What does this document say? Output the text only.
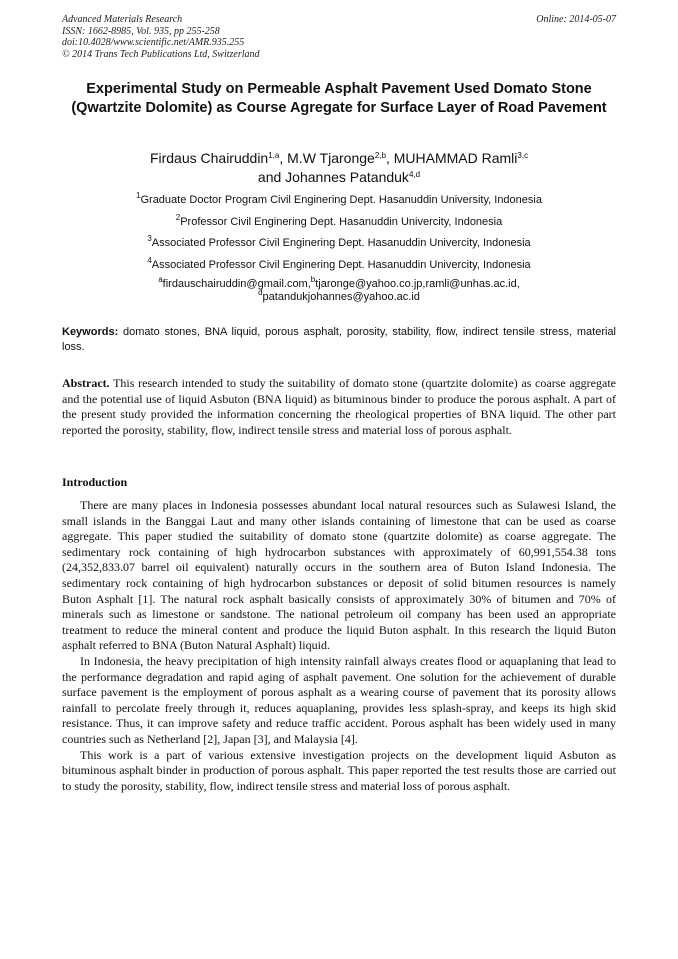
Advanced Materials Research
ISSN: 1662-8985, Vol. 935, pp 255-258
doi:10.4028/www.scientific.net/AMR.935.255
© 2014 Trans Tech Publications Ltd, Switzerland
Online: 2014-05-07
Experimental Study on Permeable Asphalt Pavement Used Domato Stone (Qwartzite Dolomite) as Course Agregate for Surface Layer of Road Pavement
Firdaus Chairuddin$^{1,a}$, M.W Tjaronge$^{2,b}$, MUHAMMAD Ramli$^{3,c}$
and Johannes Patanduk$^{4,d}$
$^1$Graduate Doctor Program Civil Enginering Dept. Hasanuddin University, Indonesia
$^2$Professor Civil Enginering Dept. Hasanuddin Univercity, Indonesia
$^3$Associated Professor Civil Enginering Dept. Hasanuddin Univercity, Indonesia
$^4$Associated Professor Civil Enginering Dept. Hasanuddin Univercity, Indonesia
$^a$firdauschairuddin@gmail.com,$^b$tjaronge@yahoo.co.jp,ramli@unhas.ac.id,
$^d$patandukjohannes@yahoo.ac.id

Keywords: domato stones, BNA liquid, porous asphalt, porosity, stability, flow, indirect tensile stress, material loss.

Abstract. This research intended to study the suitability of domato stone (quartzite dolomite) as coarse aggregate and the potential use of liquid Asbuton (BNA liquid) as bituminous binder to produce the porous asphalt. A part of the present study provided the information concerning the rheological properties of BNA liquid. The other part reported the porosity, stability, flow, indirect tensile stress and material loss of porous asphalt.

Introduction

There are many places in Indonesia possesses abundant local natural resources such as Sulawesi Island, the small islands in the Banggai Laut and many other islands containing of limestone that can be used as coarse aggregate. This paper studied the suitability of domato stone (quartzite dolomite) as coarse aggregate. The sedimentary rock containing of high hydrocarbon substances with approximately of 60,991,554.38 tons (24,352,833.07 barrel oil equivalent) naturally occurs in the southern area of Buton Island Indonesia. The sedimentary rock containing of high hydrocarbon substances or deposit of solid bitumen resources is namely Buton Asphalt [1]. The natural rock asphalt basically consists of approximately 30% of bitumen and 70% of minerals such as limestone or sandstone. The national petroleum oil company has been used an appropriate treatment to reduce the mineral content and produce the liquid Buton asphalt. In this research the liquid Buton asphalt referred to BNA (Buton Natural Asphalt) liquid.

In Indonesia, the heavy precipitation of high intensity rainfall always creates flood or aquaplaning that lead to the performance degradation and rapid aging of asphalt pavement. One solution for the achievement of durable surface pavement is the employment of porous asphalt as a wearing course of pavement that its porosity allows rainfall to percolate freely through it, reduces aquaplaning, provides less splash-spray, and keeps its high skid resistance. Thus, it can improve safety and reduce traffic accident. Porous asphalt has been widely used in many countries such as Netherland [2], Japan [3], and Malaysia [4].

This work is a part of various extensive investigation projects on the development liquid Asbuton as bituminous asphalt binder in production of porous asphalt. This paper reported the test results those are carried out to study the porosity, stability, flow, indirect tensile stress and material loss of porous asphalt.
